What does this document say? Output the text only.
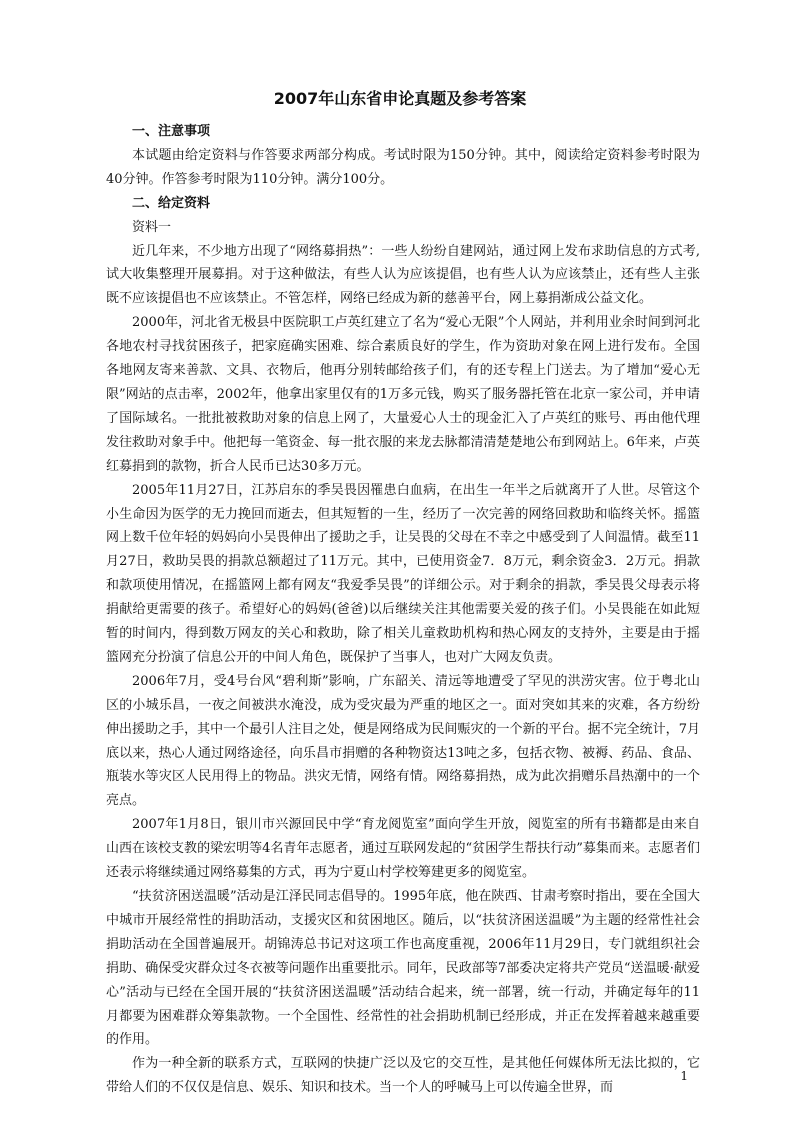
2007年山东省申论真题及参考答案

一、注意事项

本试题由给定资料与作答要求两部分构成。考试时限为150分钟。其中，阅读给定资料参考时限为40分钟。作答参考时限为110分钟。满分100分。

二、给定资料

资料一

近几年来，不少地方出现了“网络募捐热”：一些人纷纷自建网站，通过网上发布求助信息的方式考,试大收集整理开展募捐。对于这种做法，有些人认为应该提倡，也有些人认为应该禁止，还有些人主张既不应该提倡也不应该禁止。不管怎样，网络已经成为新的慈善平台，网上募捐渐成公益文化。

2000年，河北省无极县中医院职工卢英红建立了名为“爱心无限”个人网站，并利用业余时间到河北各地农村寻找贫困孩子，把家庭确实困难、综合素质良好的学生，作为资助对象在网上进行发布。全国各地网友寄来善款、文具、衣物后，他再分别转邮给孩子们，有的还专程上门送去。为了增加“爱心无限”网站的点击率，2002年，他拿出家里仅有的1万多元钱，购买了服务器托管在北京一家公司，并申请了国际域名。一批批被救助对象的信息上网了，大量爱心人士的现金汇入了卢英红的账号、再由他代理发往救助对象手中。他把每一笔资金、每一批衣服的来龙去脉都清清楚楚地公布到网站上。6年来，卢英红募捐到的款物，折合人民币已达30多万元。

2005年11月27日，江苏启东的季吴畏因罹患白血病，在出生一年半之后就离开了人世。尽管这个小生命因为医学的无力挽回而逝去，但其短暂的一生，经历了一次完善的网络回救助和临终关怀。摇篮网上数千位年轻的妈妈向小吴畏伸出了援助之手，让吴畏的父母在不幸之中感受到了人间温情。截至11月27日，救助吴畏的捐款总额超过了11万元。其中，已使用资金7．8万元，剩余资金3．2万元。捐款和款项使用情况，在摇篮网上都有网友“我爱季吴畏”的详细公示。对于剩余的捐款，季吴畏父母表示将捐献给更需要的孩子。希望好心的妈妈(爸爸)以后继续关注其他需要关爱的孩子们。小吴畏能在如此短暂的时间内，得到数万网友的关心和救助，除了相关儿童救助机构和热心网友的支持外，主要是由于摇篮网充分扮演了信息公开的中间人角色，既保护了当事人，也对广大网友负责。

2006年7月，受4号台风“碧利斯”影响，广东韶关、清远等地遭受了罕见的洪涝灾害。位于粤北山区的小城乐昌，一夜之间被洪水淹没，成为受灾最为严重的地区之一。面对突如其来的灾难，各方纷纷伸出援助之手，其中一个最引人注目之处，便是网络成为民间赈灾的一个新的平台。据不完全统计，7月底以来，热心人通过网络途径，向乐昌市捐赠的各种物资达13吨之多，包括衣物、被褥、药品、食品、瓶装水等灾区人民用得上的物品。洪灾无情，网络有情。网络募捐热，成为此次捐赠乐昌热潮中的一个亮点。

2007年1月8日，银川市兴源回民中学“育龙阅览室”面向学生开放，阅览室的所有书籍都是由来自山西在该校支教的梁宏明等4名青年志愿者，通过互联网发起的“贫困学生帮扶行动”募集而来。志愿者们还表示将继续通过网络募集的方式，再为宁夏山村学校筹建更多的阅览室。

“扶贫济困送温暖”活动是江泽民同志倡导的。1995年底，他在陕西、甘肃考察时指出，要在全国大中城市开展经常性的捐助活动，支援灾区和贫困地区。随后，以“扶贫济困送温暖”为主题的经常性社会捐助活动在全国普遍展开。胡锦涛总书记对这项工作也高度重视，2006年11月29日，专门就组织社会捐助、确保受灾群众过冬衣被等问题作出重要批示。同年，民政部等7部委决定将共产党员“送温暖·献爱心”活动与已经在全国开展的“扶贫济困送温暖”活动结合起来，统一部署，统一行动，并确定每年的11月都要为困难群众筹集款物。一个全国性、经常性的社会捐助机制已经形成，并正在发挥着越来越重要的作用。

作为一种全新的联系方式，互联网的快捷广泛以及它的交互性，是其他任何媒体所无法比拟的，它带给人们的不仅仅是信息、娱乐、知识和技术。当一个人的呼喊马上可以传遍全世界，而

1
